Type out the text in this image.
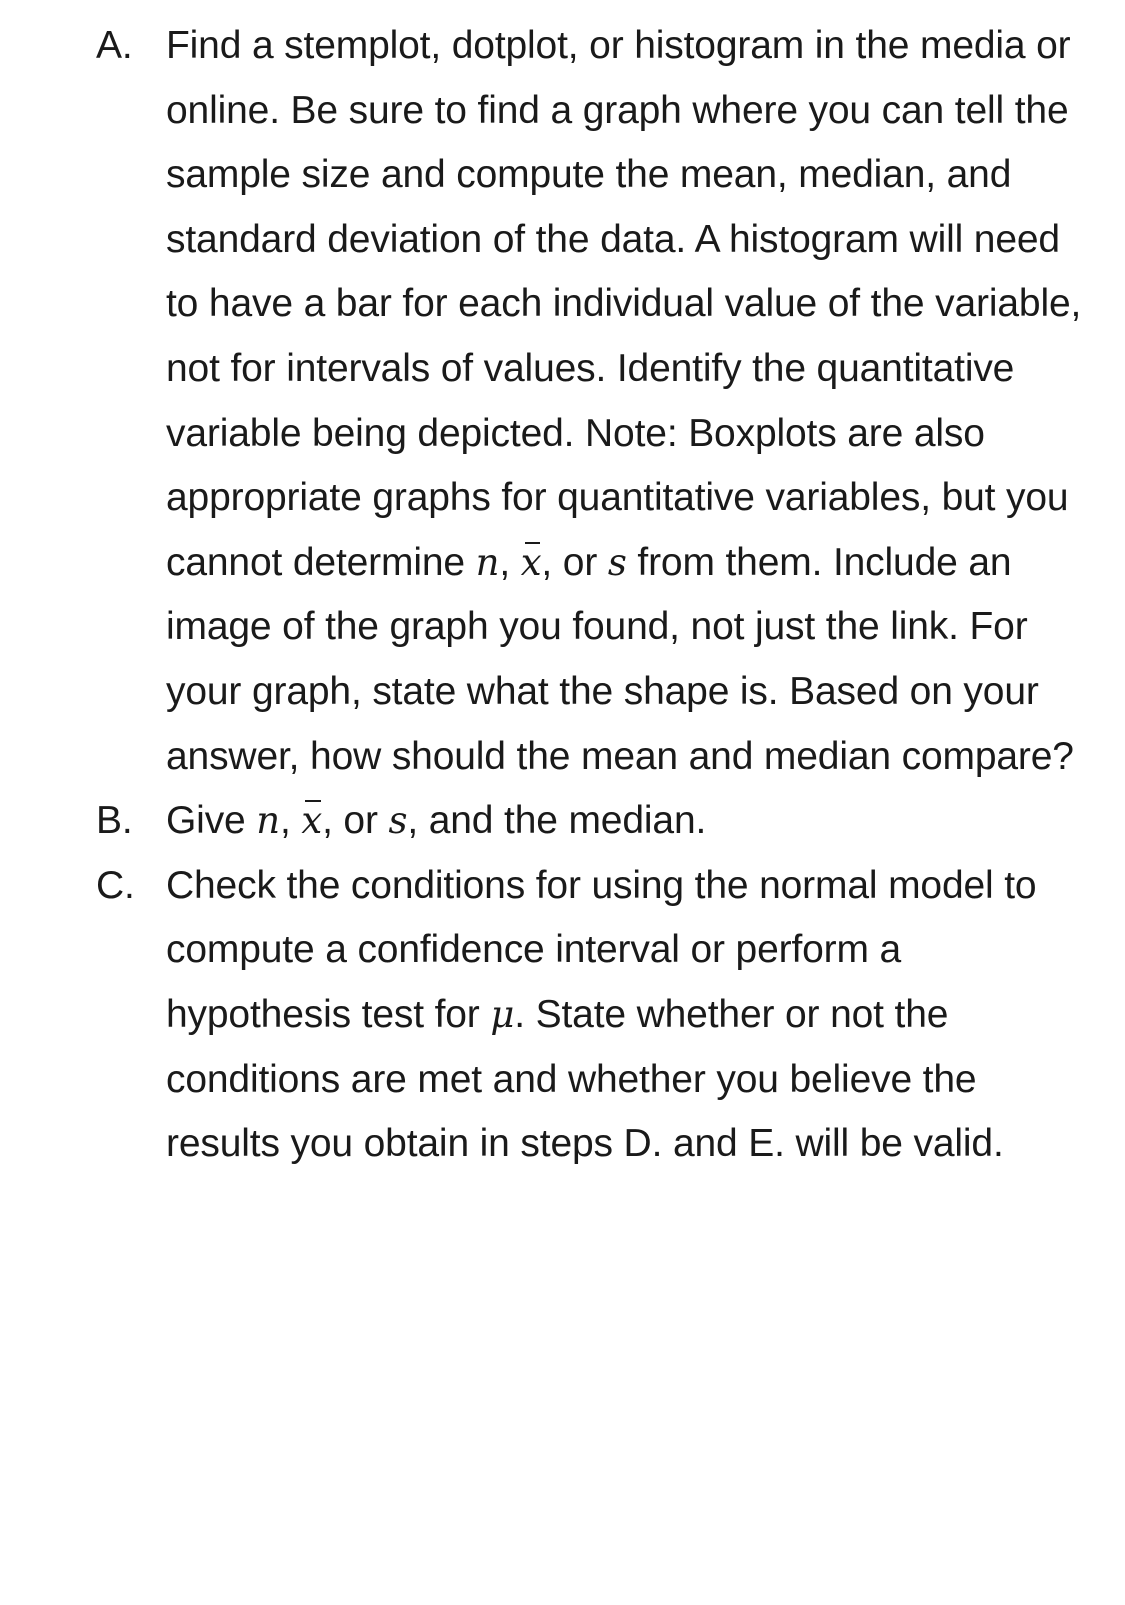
A. Find a stemplot, dotplot, or histogram in the media or online. Be sure to find a graph where you can tell the sample size and compute the mean, median, and standard deviation of the data. A histogram will need to have a bar for each individual value of the variable, not for intervals of values. Identify the quantitative variable being depicted. Note: Boxplots are also appropriate graphs for quantitative variables, but you cannot determine n, x, or s from them. Include an image of the graph you found, not just the link. For your graph, state what the shape is. Based on your answer, how should the mean and median compare?
B. Give n, x, or s, and the median.
C. Check the conditions for using the normal model to compute a confidence interval or perform a hypothesis test for μ. State whether or not the conditions are met and whether you believe the results you obtain in steps D. and E. will be valid.
